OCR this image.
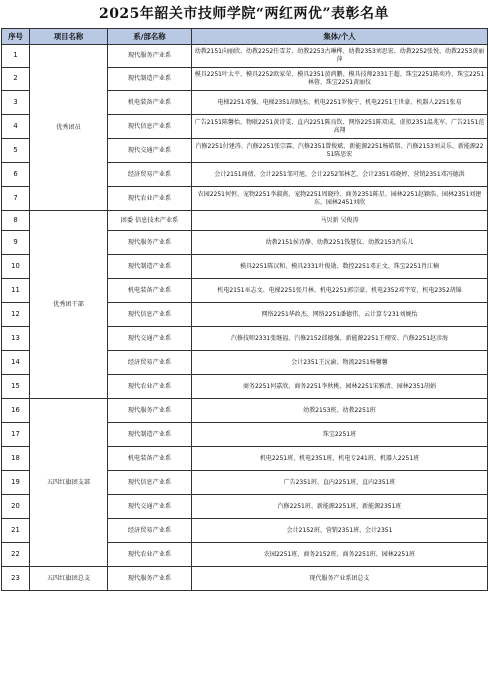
2025年韶关市技师学院“两红两优”表彰名单
序号	项目名称	系/部名称	集体/个人
1	优秀团员	现代服务产业系	幼教2151向丽欣、幼教2252任雪芳、幼教2253古琳桦、幼教2353刘思宏、幼教2252张悦、幼教2253黄丽萍
2		现代制造产业系	模具2251叶太平、模具2252欧家荣、模具2351黄鸿鹏、模具技师2331王超、珠宝2251陈奕玲、珠宝2251林蓉、珠宝2251黄丽仪
3		机电装备产业系	电梯2251邓强、电梯2351胡晓杰、机电2251罗俊宁、机电2251王世豪、机器人2251张易
4		现代信息产业系	广告2151陈馨怡、物联2251黄诗雯、直内2251陈良钦、网络2251陈双成、虚拟2351温兆军、广告2151范高翔
5		现代交通产业系	汽修2251付建涛、汽修2251张宗霖、汽修2351曾俊斌、新能源2251杨皓铭、汽修2153刘灵乐、新能源2251陈思宏
6		经济贸易产业系	会计2151商倩、会计2251邹可旭、会计2252邹林艺、会计2351邓晓婷、营销2351邓冯德洪
7		现代农业产业系	农园2251何恒、宠物2251李淑燕、宠物2251周晓玲、商务2351陈星、园林2251赵颖浩、园林2351刘建东、园林2451刘欣
8	优秀团干部	团委 信息技术产业系	马贝新 吴俊涛
9		现代服务产业系	幼教2151侯诗静、幼教2251钱慧仪、幼教2153肖乐儿
10		现代制造产业系	模具2251陈汉和、模具2331叶俊勋、数控2251邓正文、珠宝2251肖江楠
11		机电装备产业系	机电2151巫志文、电梯2251张月林、机电2251郭宗豪、机电2352邓宇安、机电2352胡锦
12		现代信息产业系	网络2251华政杰、网络2251潘德伟、云计算专231刘婉怡
13		现代交通产业系	汽修技师2331张继福、汽修2152邱德强、新能源2251王栩安、汽修2251赵彦海
14		经济贸易产业系	会计2351王沅渝、物流2251杨馨馨
15		现代农业产业系	商务2251何嘉欣、商务2251李秋桃、园林2251宋雅清、园林2351胡娟
16	五四红旗团支部	现代服务产业系	幼教2153班、幼教2251班
17		现代制造产业系	珠宝2251班
18		机电装备产业系	机电2251班、机电2351班、机电专241班、机器人2251班
19		现代信息产业系	广告2351班、直内2251班、直内2351班
20		现代交通产业系	汽修2251班、新能源2251班、新能源2351班
21		经济贸易产业系	会计2152班、营销2351班、会计2351
22		现代农业产业系	农园2251班、商务2152班、商务2251班、园林2251班
23	五四红旗团总支	现代服务产业系	现代服务产业系团总支
